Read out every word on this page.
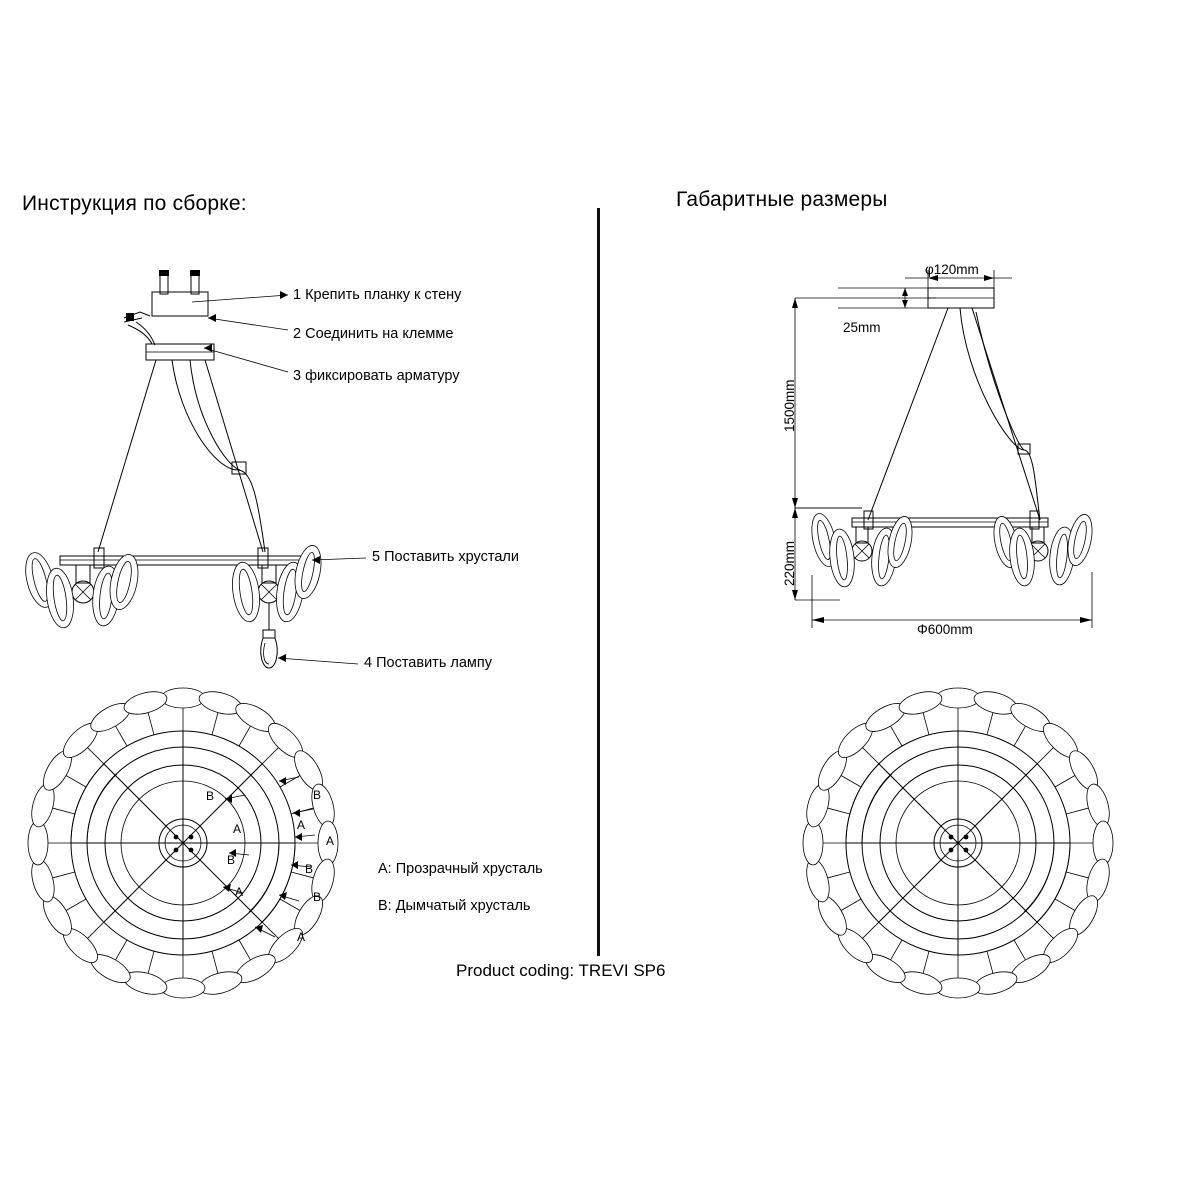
Инструкция по сборке:	Габаритные размеры
1 Крепить планку к стену
2 Соединить на клемме
3 фиксировать арматуру
5 Поставить хрустали
4 Поставить лампу
B
A
B
A
B
A
A
B
B
A
A: Прозрачный хрусталь
B: Дымчатый хрусталь
φ120mm
25mm
1500mm
220mm
Φ600mm
Product coding: TREVI SP6
